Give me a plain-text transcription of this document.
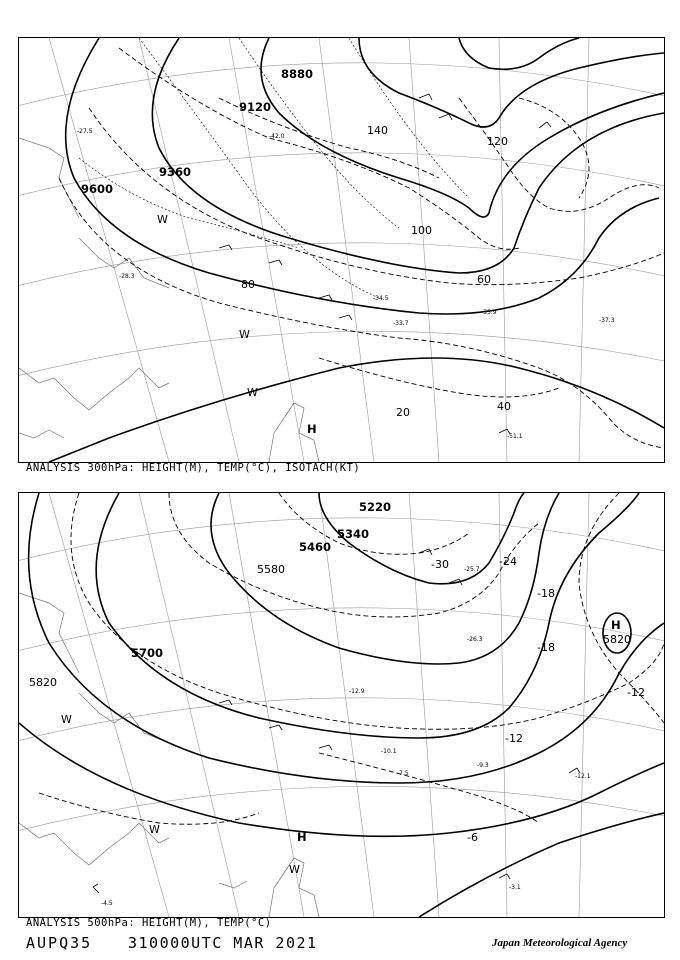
8880
9120
9360
9600
20	40
60
80
100
120
140
-27.5
-28.3
-33.7
-34.5
-35.9
-37.3
-51.1
-42.0
H
W
W
W
ANALYSIS 300hPa: HEIGHT(M), TEMP(°C), ISOTACH(KT)
5220
5340
5460
5580
5700
5820
5820
-30	-24
-18
-18
-12
-12
-6
-25.7
-26.3
-12.9
-10.1
-9.3
-12.1
-7.5
-3.1
-4.5
H
H
W
W
W
ANALYSIS 500hPa: HEIGHT(M), TEMP(°C)
AUPQ35 310000UTC MAR 2021	Japan Meteorological Agency
